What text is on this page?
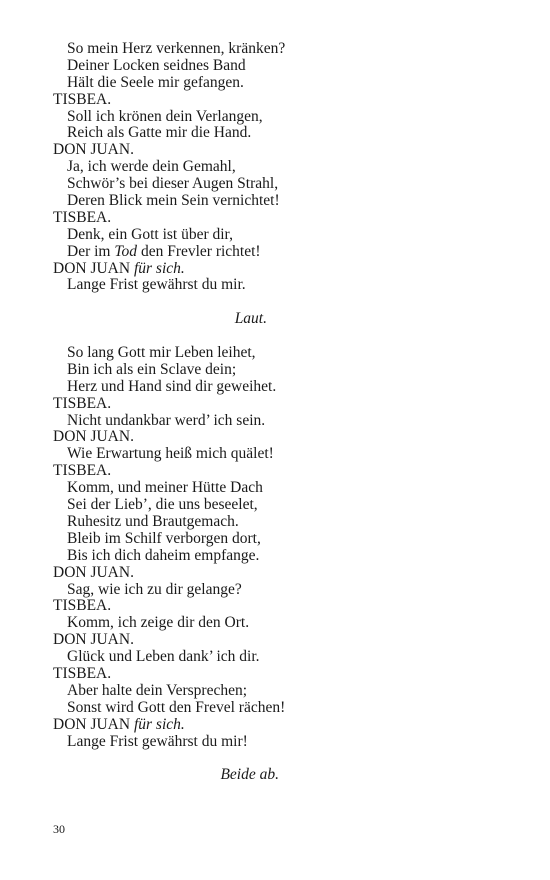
So mein Herz verkennen, kränken?
Deiner Locken seidnes Band
Hält die Seele mir gefangen.
TISBEA.
Soll ich krönen dein Verlangen,
Reich als Gatte mir die Hand.
DON JUAN.
Ja, ich werde dein Gemahl,
Schwör’s bei dieser Augen Strahl,
Deren Blick mein Sein vernichtet!
TISBEA.
Denk, ein Gott ist über dir,
Der im Tod den Frevler richtet!
DON JUAN für sich.
Lange Frist gewährst du mir.
Laut.
So lang Gott mir Leben leihet,
Bin ich als ein Sclave dein;
Herz und Hand sind dir geweihet.
TISBEA.
Nicht undankbar werd’ ich sein.
DON JUAN.
Wie Erwartung heiß mich quälet!
TISBEA.
Komm, und meiner Hütte Dach
Sei der Lieb’, die uns beseelet,
Ruhesitz und Brautgemach.
Bleib im Schilf verborgen dort,
Bis ich dich daheim empfange.
DON JUAN.
Sag, wie ich zu dir gelange?
TISBEA.
Komm, ich zeige dir den Ort.
DON JUAN.
Glück und Leben dank’ ich dir.
TISBEA.
Aber halte dein Versprechen;
Sonst wird Gott den Frevel rächen!
DON JUAN für sich.
Lange Frist gewährst du mir!
Beide ab.
30
